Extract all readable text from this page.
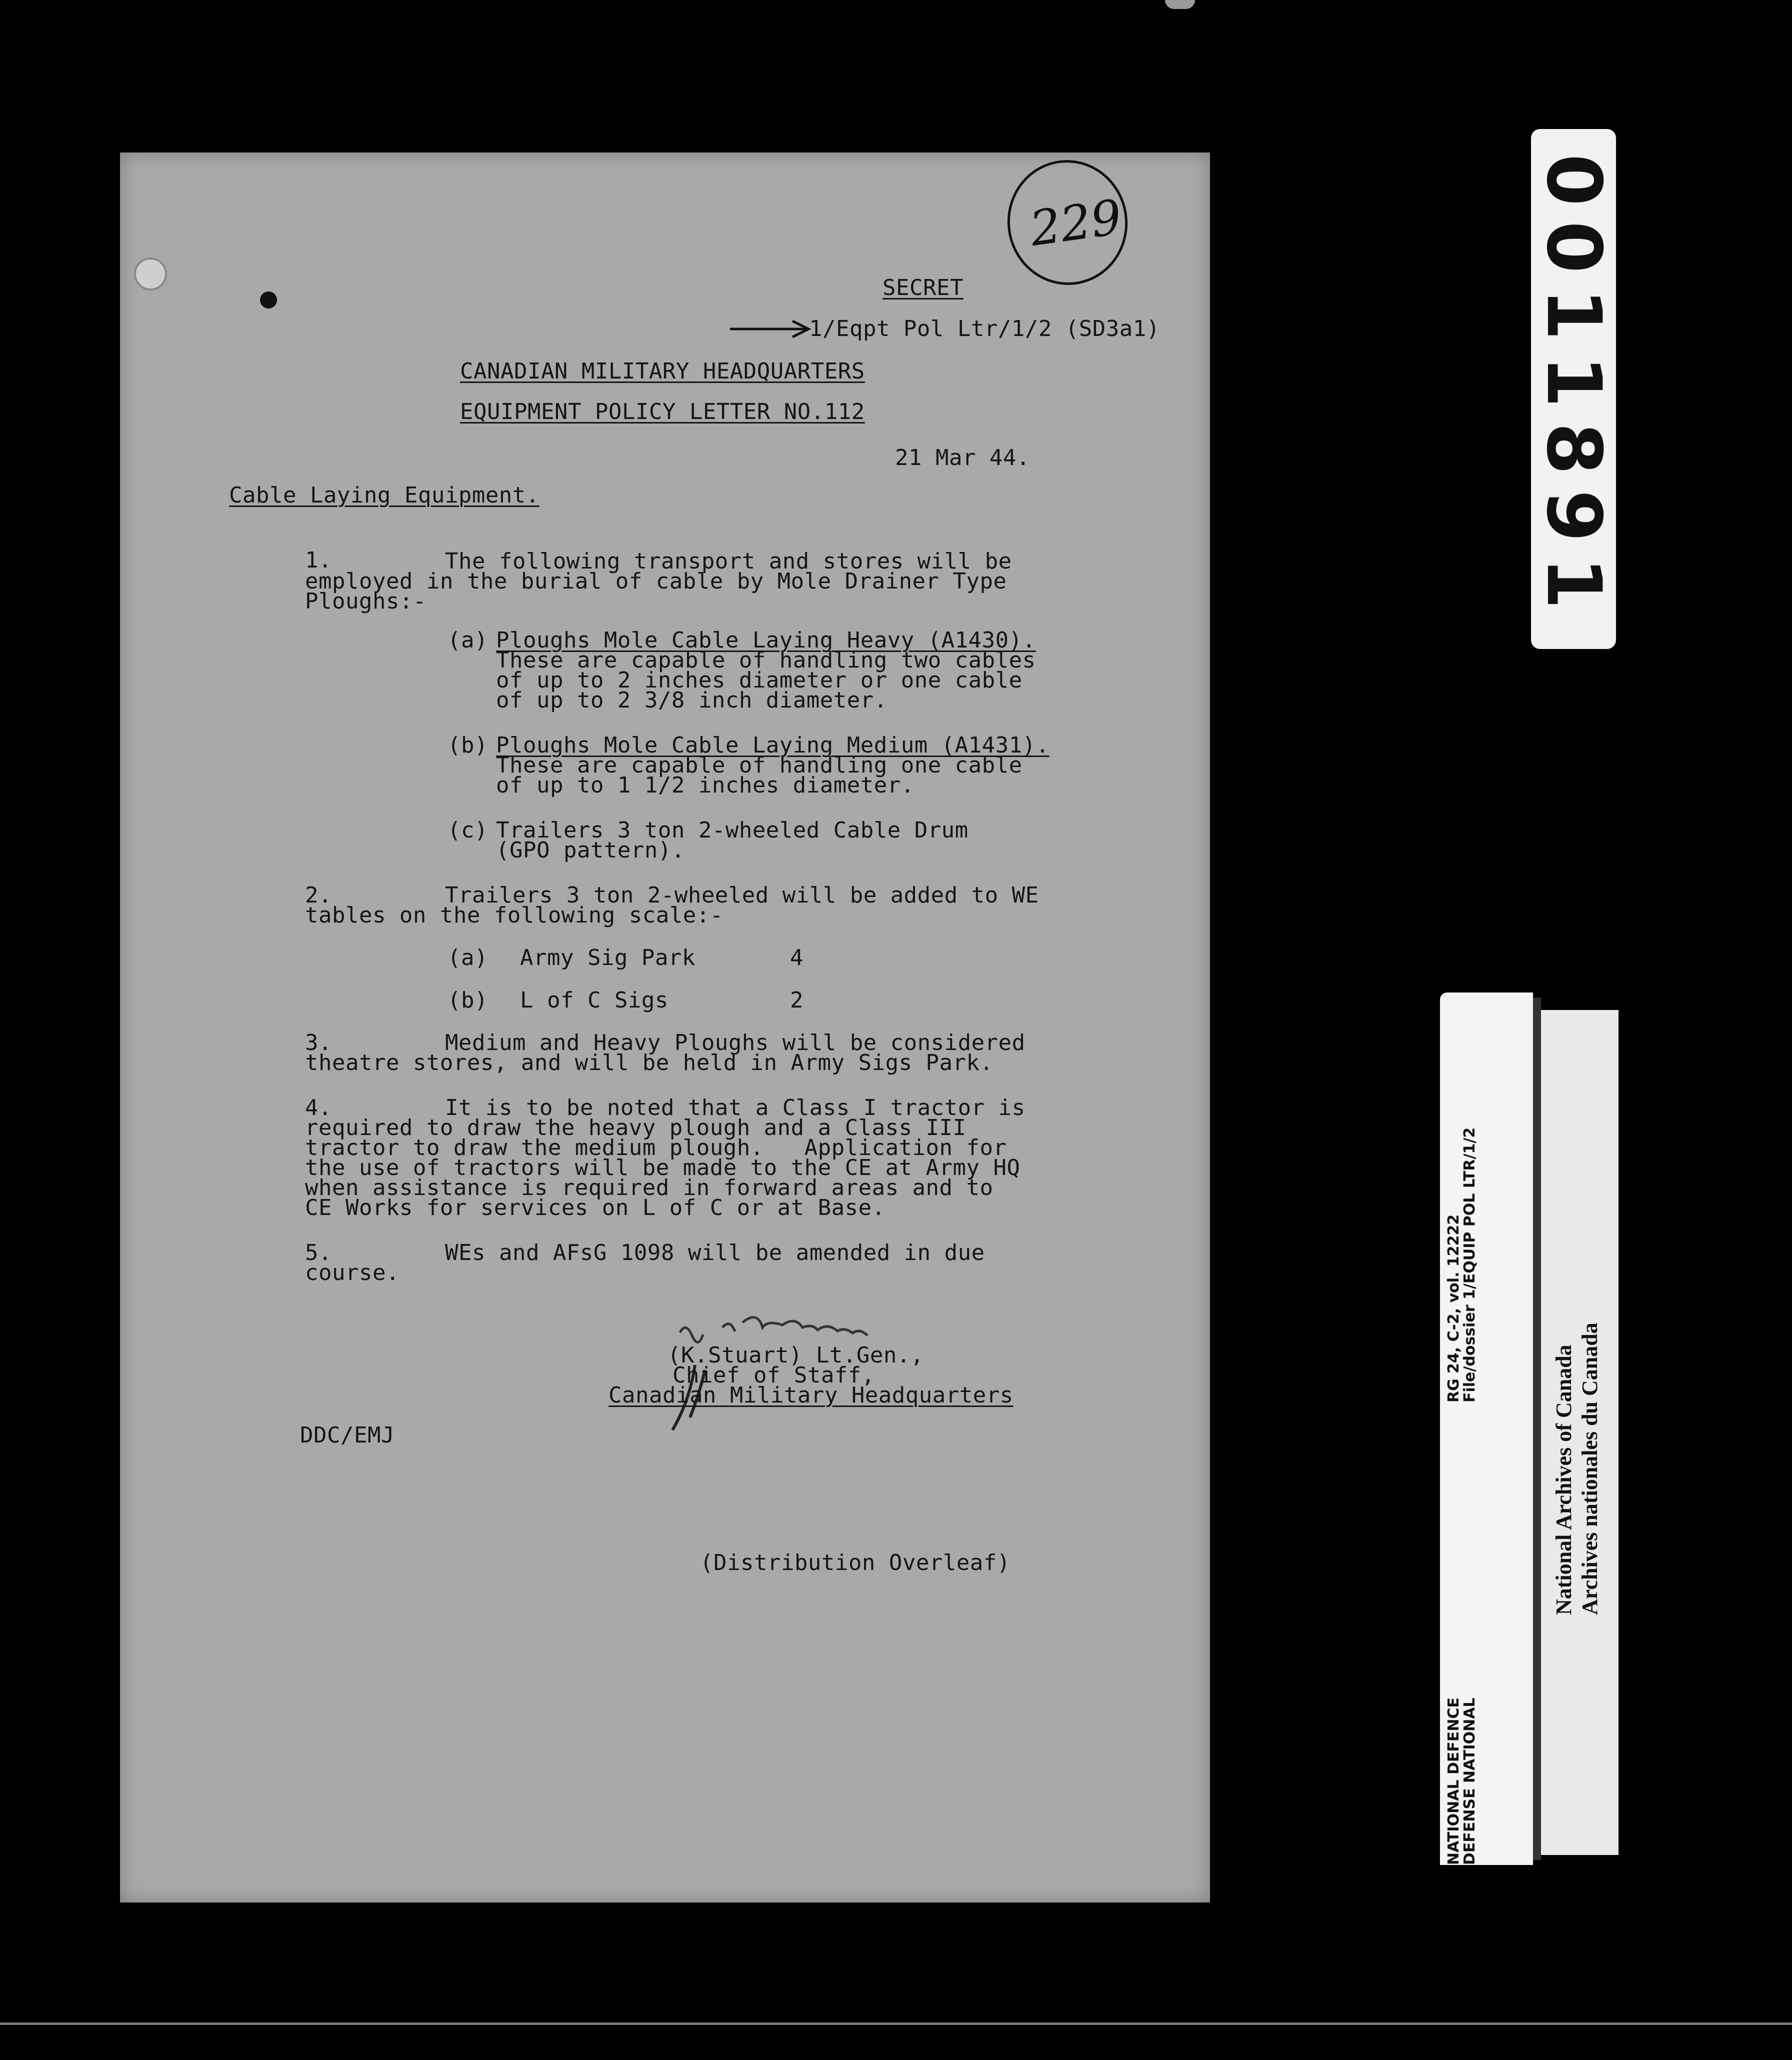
229
SECRET
1/Eqpt Pol Ltr/1/2 (SD3a1)
CANADIAN MILITARY HEADQUARTERS
EQUIPMENT POLICY LETTER NO.112
21 Mar 44.
Cable Laying Equipment.
1.	The following transport and stores will be
employed in the burial of cable by Mole Drainer Type
Ploughs:-
(a) Ploughs Mole Cable Laying Heavy (A1430).
These are capable of handling two cables
of up to 2 inches diameter or one cable
of up to 2 3/8 inch diameter.
(b) Ploughs Mole Cable Laying Medium (A1431).
These are capable of handling one cable
of up to 1 1/2 inches diameter.
(c) Trailers 3 ton 2-wheeled Cable Drum
(GPO pattern).
2.	Trailers 3 ton 2-wheeled will be added to WE
tables on the following scale:-
(a) Army Sig Park	4
(b) L of C Sigs	2
3.	Medium and Heavy Ploughs will be considered
theatre stores, and will be held in Army Sigs Park.
4.	It is to be noted that a Class I tractor is
required to draw the heavy plough and a Class III
tractor to draw the medium plough.   Application for
the use of tractors will be made to the CE at Army HQ
when assistance is required in forward areas and to
CE Works for services on L of C or at Base.
5.	WEs and AFsG 1098 will be amended in due
course.
(K.Stuart) Lt.Gen.,
Chief of Staff,
Canadian Military Headquarters
DDC/EMJ
(Distribution Overleaf)
0011891
RG 24, C-2, vol. 12222
File/dossier 1/EQUIP POL LTR/1/2
NATIONAL DEFENCE
DEFENSE NATIONAL
National Archives of Canada Archives nationales du Canada
